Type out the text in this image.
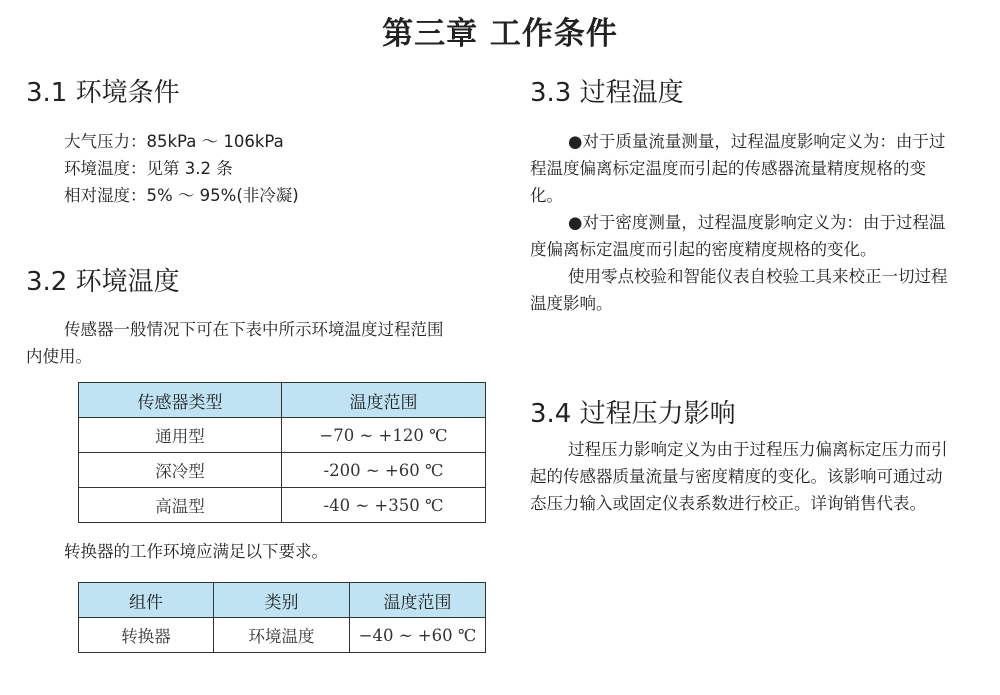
第三章 工作条件
3.1 环境条件
大气压力：85kPa ～ 106kPa
环境温度：见第 3.2 条
相对湿度：5% ～ 95%(非冷凝)
3.2 环境温度
传感器一般情况下可在下表中所示环境温度过程范围
内使用。
传感器类型	温度范围
通用型	−70 ~ +120 ℃
深冷型	-200 ~ +60 ℃
高温型	-40 ~ +350 ℃
转换器的工作环境应满足以下要求。
组件	类别	温度范围
转换器	环境温度	−40 ~ +60 ℃
3.3 过程温度
●对于质量流量测量，过程温度影响定义为：由于过
程温度偏离标定温度而引起的传感器流量精度规格的变
化。
●对于密度测量，过程温度影响定义为：由于过程温
度偏离标定温度而引起的密度精度规格的变化。
使用零点校验和智能仪表自校验工具来校正一切过程
温度影响。
3.4 过程压力影响
过程压力影响定义为由于过程压力偏离标定压力而引
起的传感器质量流量与密度精度的变化。该影响可通过动
态压力输入或固定仪表系数进行校正。详询销售代表。
